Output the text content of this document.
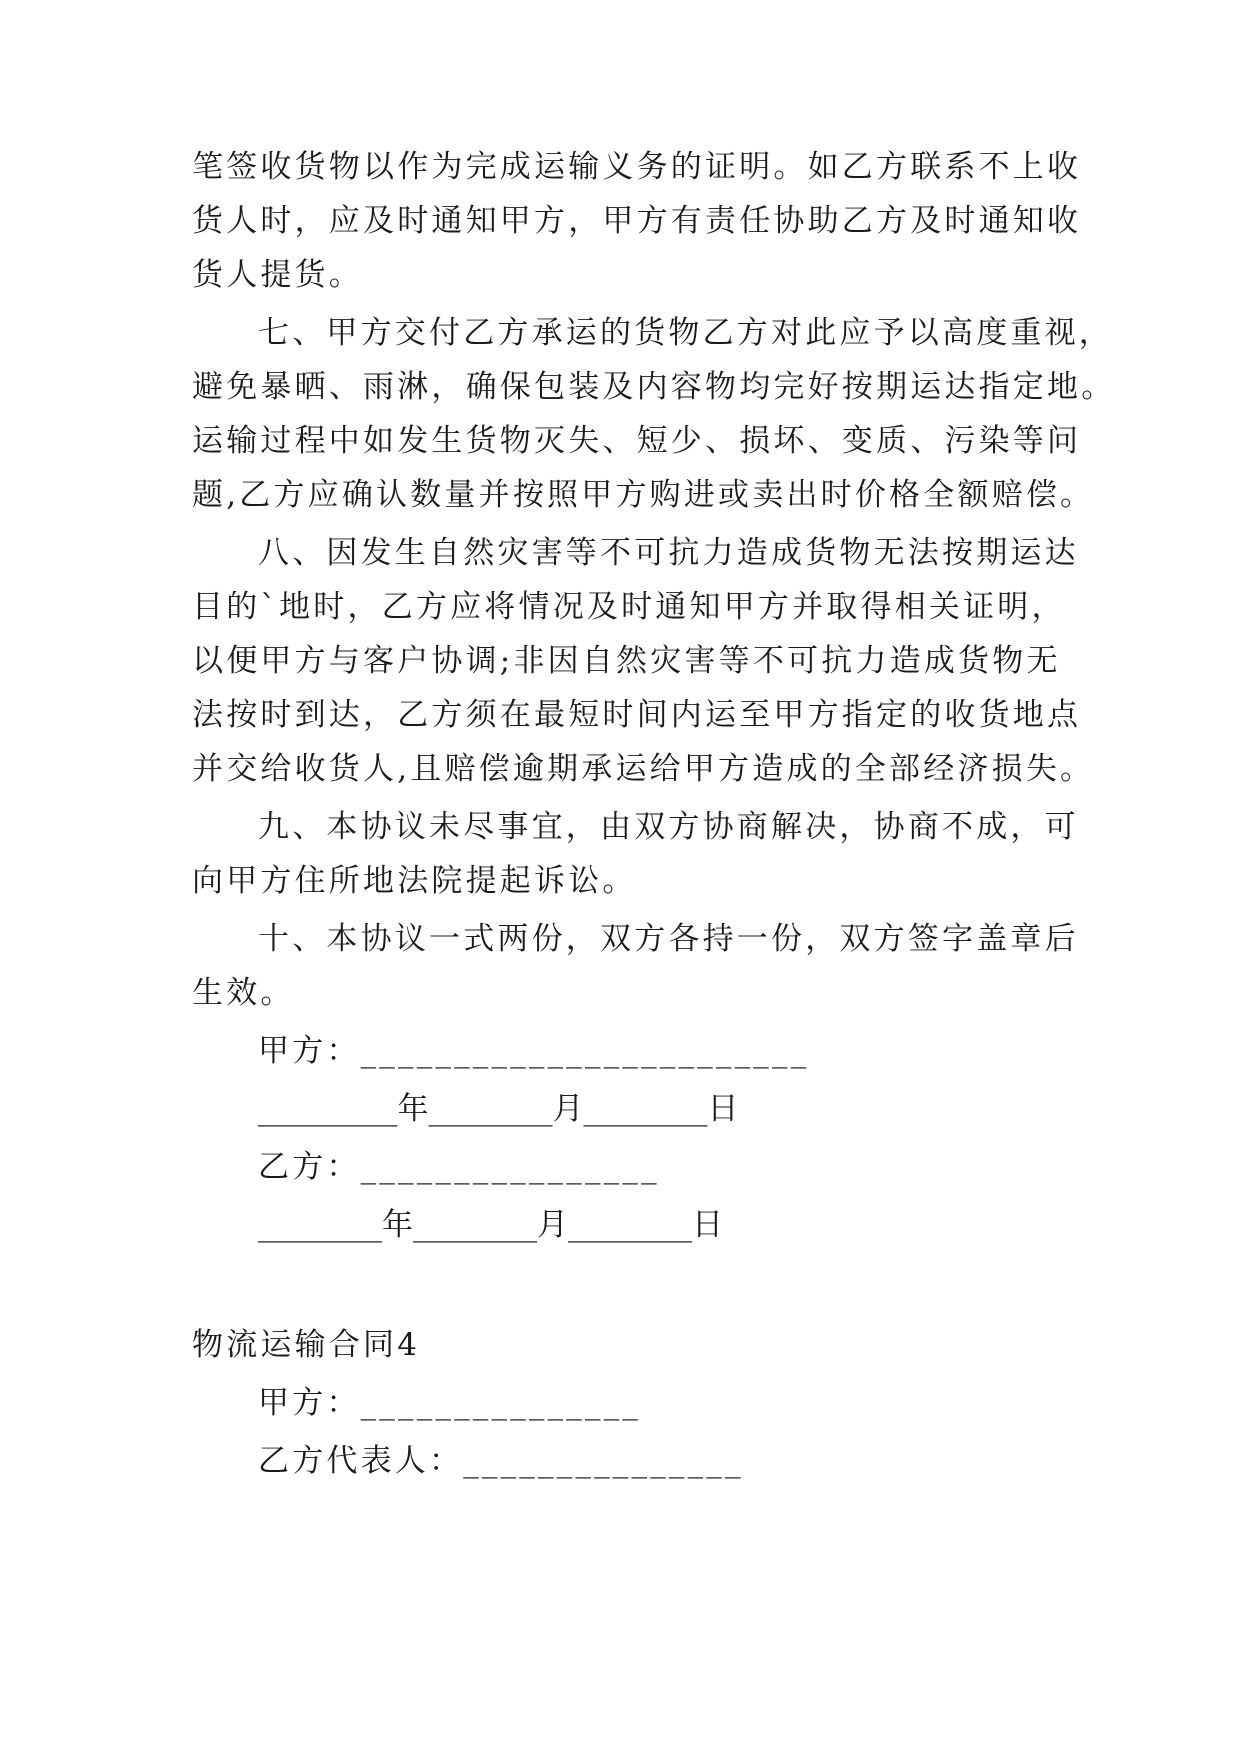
笔签收货物以作为完成运输义务的证明。如乙方联系不上收

货人时，应及时通知甲方，甲方有责任协助乙方及时通知收

货人提货。

七、甲方交付乙方承运的货物乙方对此应予以高度重视，

避免暴晒、雨淋，确保包装及内容物均完好按期运达指定地。

运输过程中如发生货物灭失、短少、损坏、变质、污染等问

题,乙方应确认数量并按照甲方购进或卖出时价格全额赔偿。

八、因发生自然灾害等不可抗力造成货物无法按期运达

目的`地时，乙方应将情况及时通知甲方并取得相关证明，

以便甲方与客户协调;非因自然灾害等不可抗力造成货物无

法按时到达，乙方须在最短时间内运至甲方指定的收货地点

并交给收货人,且赔偿逾期承运给甲方造成的全部经济损失。

九、本协议未尽事宜，由双方协商解决，协商不成，可

向甲方住所地法院提起诉讼。

十、本协议一式两份，双方各持一份，双方签字盖章后

生效。

甲方：________________________

_________年________月________日

乙方：________________

________年________月________日

物流运输合同4

甲方：_______________

乙方代表人：_______________
